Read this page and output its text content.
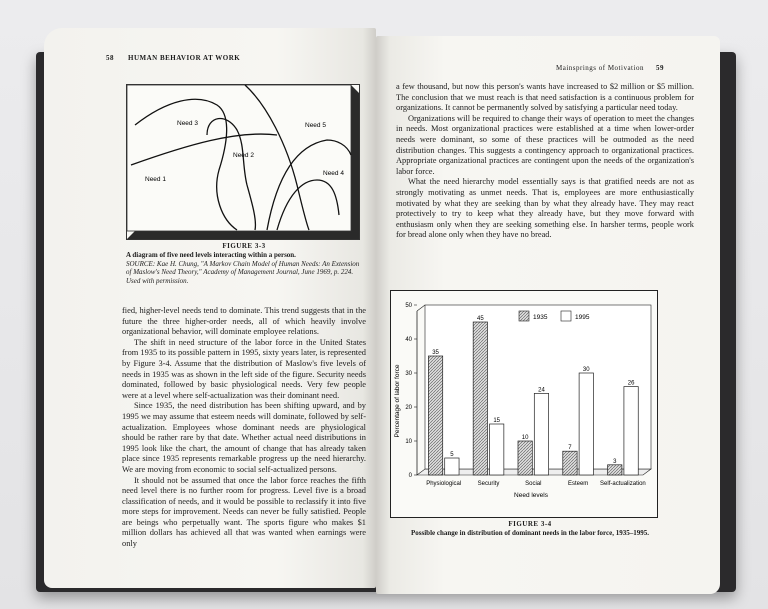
58 HUMAN BEHAVIOR AT WORK
Need 1
Need 2
Need 3
Need 4
Need 5
FIGURE 3-3
A diagram of five need levels interacting within a person.
SOURCE: Kae H. Chung, "A Markov Chain Model of Human Needs: An Extension of Maslow's Need Theory," Academy of Management Journal, June 1969, p. 224. Used with permission.

fied, higher-level needs tend to dominate. This trend suggests that in the future the three higher-order needs, all of which heavily involve organizational behavior, will dominate employee relations.

The shift in need structure of the labor force in the United States from 1935 to its possible pattern in 1995, sixty years later, is represented by Figure 3-4. Assume that the distribution of Maslow's five levels of needs in 1935 was as shown in the left side of the figure. Security needs dominated, followed by basic physiological needs. Very few people were at a level where self-actualization was their dominant need.

Since 1935, the need distribution has been shifting upward, and by 1995 we may assume that esteem needs will dominate, followed by self-actualization. Employees whose dominant needs are physiological should be rather rare by that date. Whether actual need distributions in 1995 look like the chart, the amount of change that has already taken place since 1935 represents remarkable progress up the need hierarchy. We are moving from economic to social self-actualized persons.

It should not be assumed that once the labor force reaches the fifth need level there is no further room for progress. Level five is a broad classification of needs, and it would be possible to reclassify it into five more steps for improvement. Needs can never be fully satisfied. People are beings who perpetually want. The sports figure who makes $1 million dollars has achieved all that was wanted when earnings were only

Mainsprings of Motivation 59

a few thousand, but now this person's wants have increased to $2 million or $5 million. The conclusion that we must reach is that need satisfaction is a continuous problem for organizations. It cannot be permanently solved by satisfying a particular need today.

Organizations will be required to change their ways of operation to meet the changes in needs. Most organizational practices were established at a time when lower-order needs were dominant, so some of these practices will be outmoded as the need distribution changes. This suggests a contingency approach to organizational practices. Appropriate organizational practices are contingent upon the needs of the organization's labor force.

What the need hierarchy model essentially says is that gratified needs are not as strongly motivating as unmet needs. That is, employees are more enthusiastically motivated by what they are seeking than by what they already have. They may react protectively to try to keep what they already have, but they move forward with enthusiasm only when they are seeking something else. In harsher terms, people work for bread alone only when they have no bread.

0
10
20
30
40
50
35
5
Physiological
45
15
Security
10
24
Social
7
30
Esteem
3
26
Self-actualization
Percentage of labor force
Need levels
1935	1995
FIGURE 3-4
Possible change in distribution of dominant needs in the labor force, 1935–1995.
